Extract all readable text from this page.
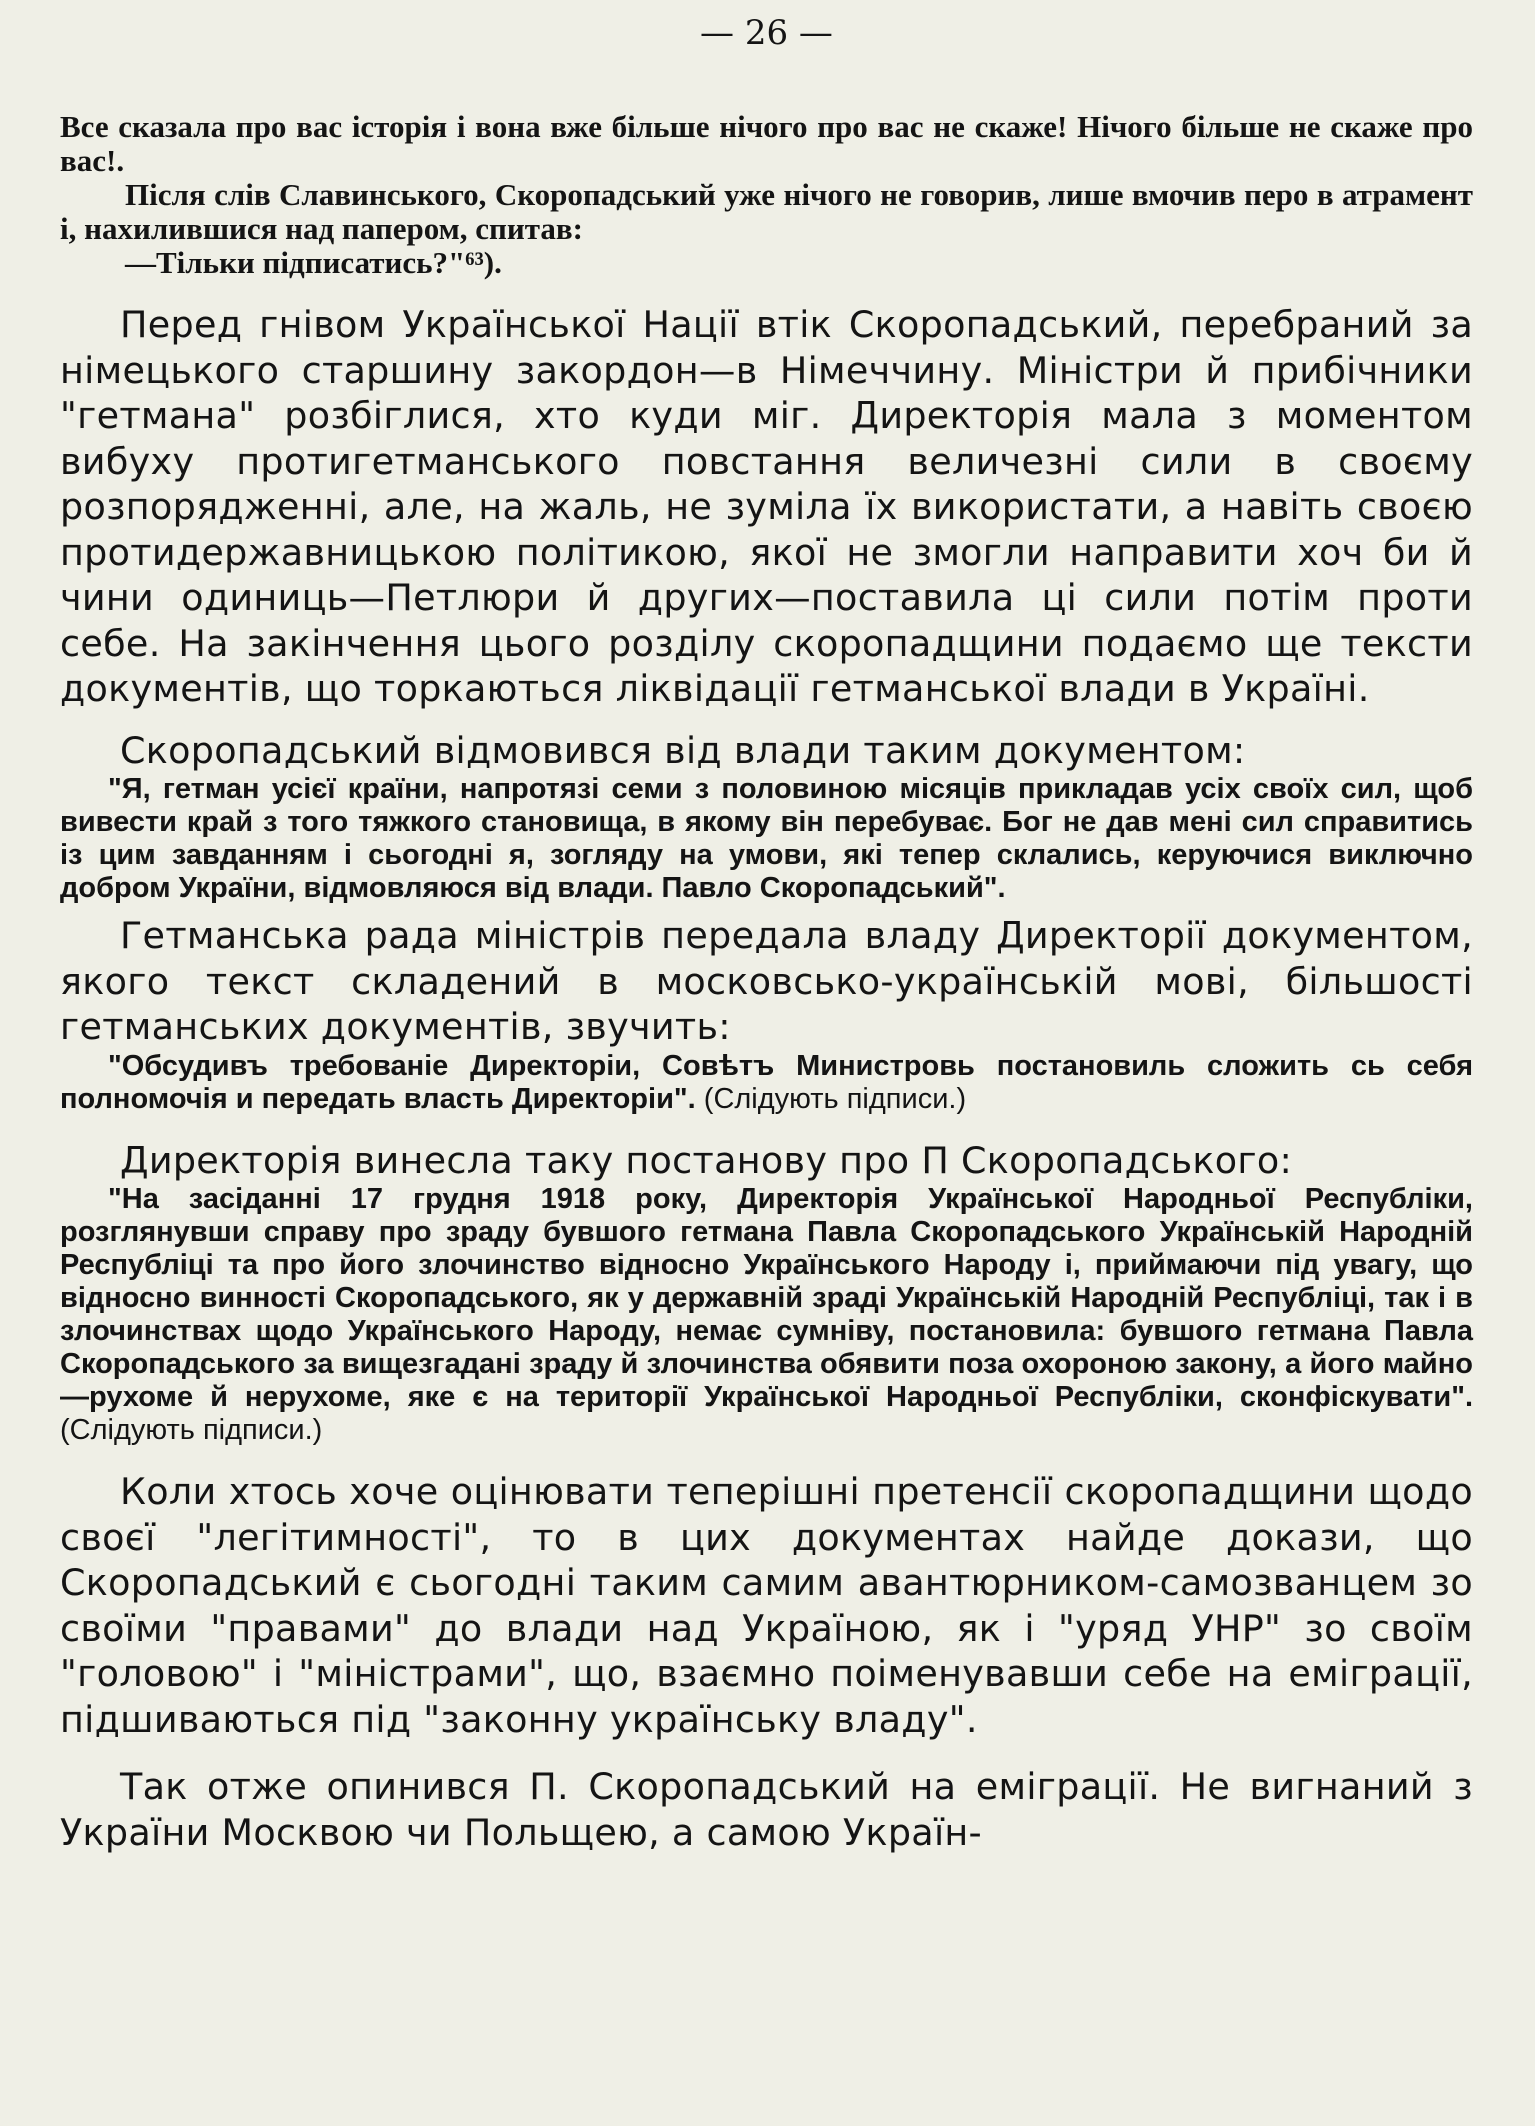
— 26 —

Все сказала про вас історія і вона вже більше нічого про вас не скаже! Нічого більше не скаже про вас!.

Після слів Славинського, Скоропадський уже нічого не говорив, лише вмочив перо в атрамент і, нахилившися над папером, спитав:

—Тільки підписатись?"⁶³).

Перед гнівом Української Нації втік Скоропадський, перебраний за німецького старшину закордон—в Німеччину. Міністри й прибічники "гетмана" розбіглися, хто куди міг. Директорія мала з моментом вибуху протигетманського повстання величезні сили в своєму розпорядженні, але, на жаль, не зуміла їх використати, а навіть своєю протидержавницькою політикою, якої не змогли направити хоч би й чини одиниць—Петлюри й других—поставила ці сили потім проти себе. На закінчення цього розділу скоропадщини подаємо ще тексти документів, що торкаються ліквідації гетманської влади в Україні.

Скоропадський відмовився від влади таким документом:

"Я, гетман усієї країни, напротязі семи з половиною місяців прикладав усіх своїх сил, щоб вивести край з того тяжкого становища, в якому він перебуває. Бог не дав мені сил справитись із цим завданням і сьогодні я, зогляду на умови, які тепер склались, керуючися виключно добром України, відмовляюся від влади. Павло Скоропадський".

Гетманська рада міністрів передала владу Директорії документом, якого текст складений в московсько-українській мові, більшості гетманських документів, звучить:

"Обсудивъ требованіе Директоріи, Совѣтъ Министровь постановиль сложить сь себя полномочія и передать власть Директоріи". (Слідують підписи.)

Директорія винесла таку постанову про П Скоропадського:

"На засіданні 17 грудня 1918 року, Директорія Української Народньої Республіки, розглянувши справу про зраду бувшого гетмана Павла Скоропадського Українській Народній Республіці та про його злочинство відносно Українського Народу і, приймаючи під увагу, що відносно винності Скоропадського, як у державній зраді Українській Народній Республіці, так і в злочинствах щодо Українського Народу, немає сумніву, постановила: бувшого гетмана Павла Скоропадського за вищезгадані зраду й злочинства обявити поза охороною закону, а його майно—рухоме й нерухоме, яке є на території Української Народньої Республіки, сконфіскувати". (Слідують підписи.)

Коли хтось хоче оцінювати теперішні претенсії скоропадщини щодо своєї "легітимності", то в цих документах найде докази, що Скоропадський є сьогодні таким самим авантюрником-самозванцем зо своїми "правами" до влади над Україною, як і "уряд УНР" зо своїм "головою" і "міністрами", що, взаємно поіменувавши себе на еміграції, підшиваються під "законну українську владу".

Так отже опинився П. Скоропадський на еміграції. Не вигнаний з України Москвою чи Польщею, а самою Україн-
